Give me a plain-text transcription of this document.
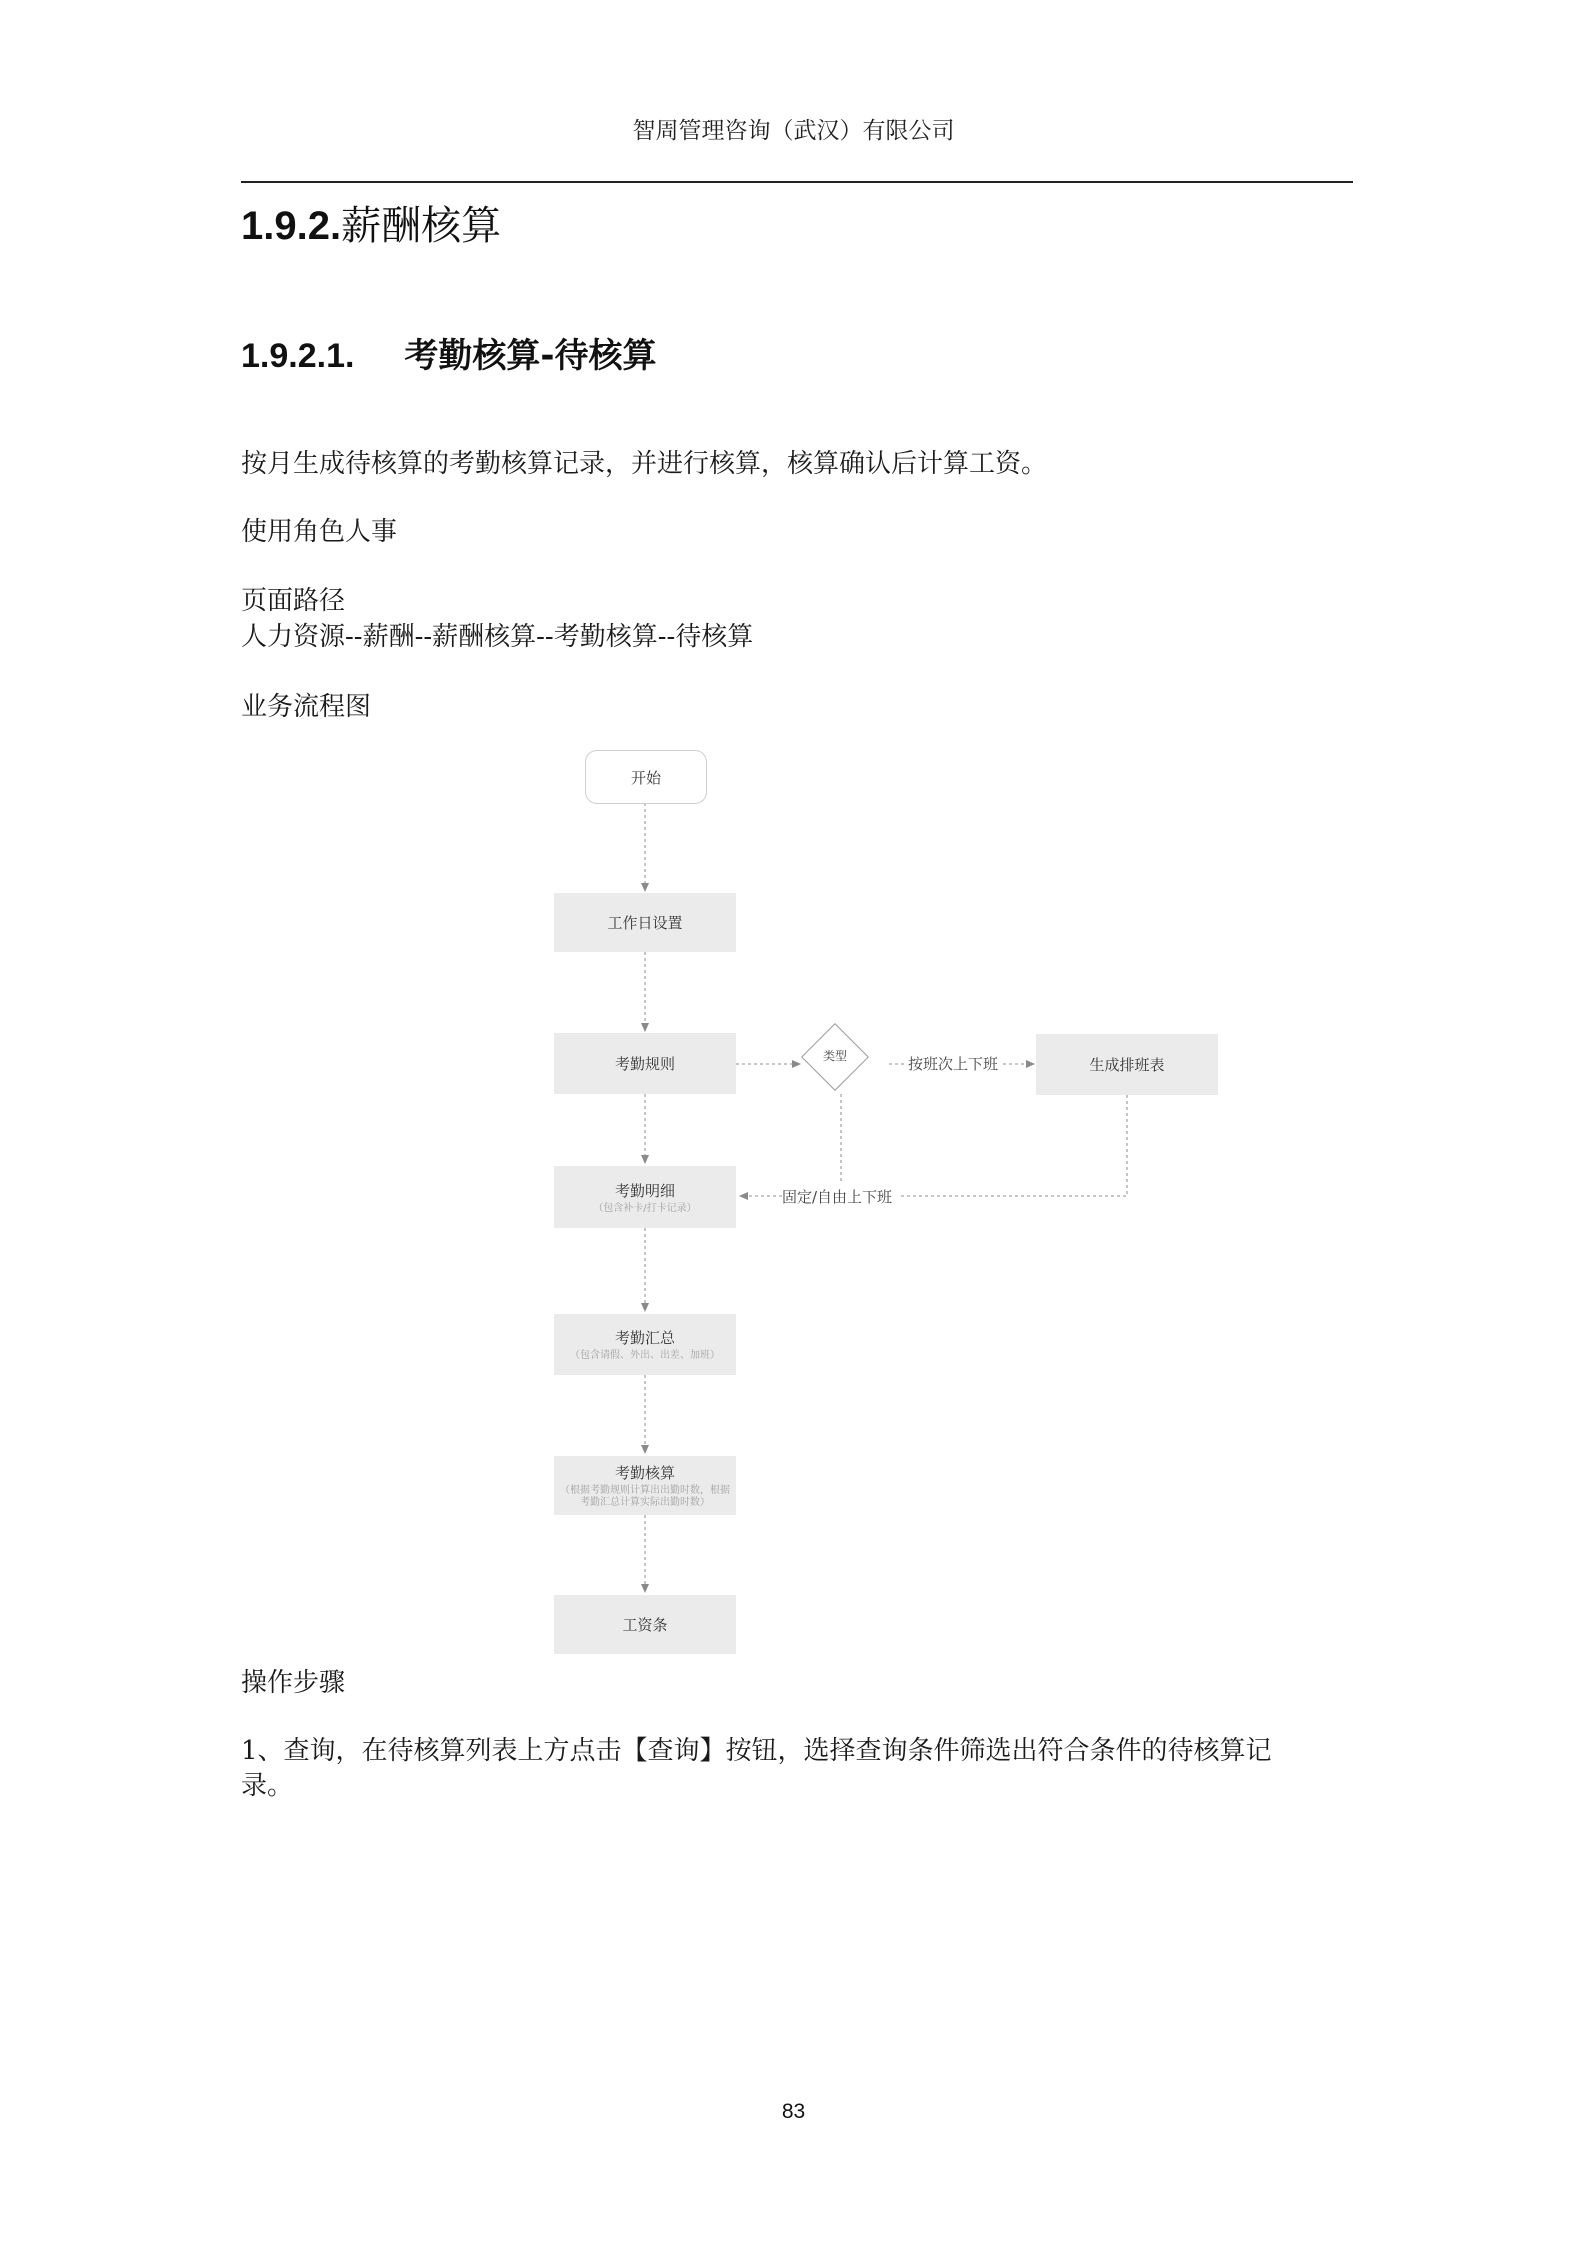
智周管理咨询（武汉）有限公司
1.9.2.薪酬核算
1.9.2.1. 考勤核算-待核算
按月生成待核算的考勤核算记录，并进行核算，核算确认后计算工资。
使用角色人事
页面路径
人力资源--薪酬--薪酬核算--考勤核算--待核算
业务流程图
开始
工作日设置
考勤规则	类型	按班次上下班	生成排班表
考勤明细
（包含补卡/打卡记录）
固定/自由上下班
考勤汇总
（包含请假、外出、出差、加班）
考勤核算
（根据考勤规则计算出出勤时数，根据考勤汇总计算实际出勤时数）
工资条
操作步骤
1、查询，在待核算列表上方点击【查询】按钮，选择查询条件筛选出符合条件的待核算记
录。
83
